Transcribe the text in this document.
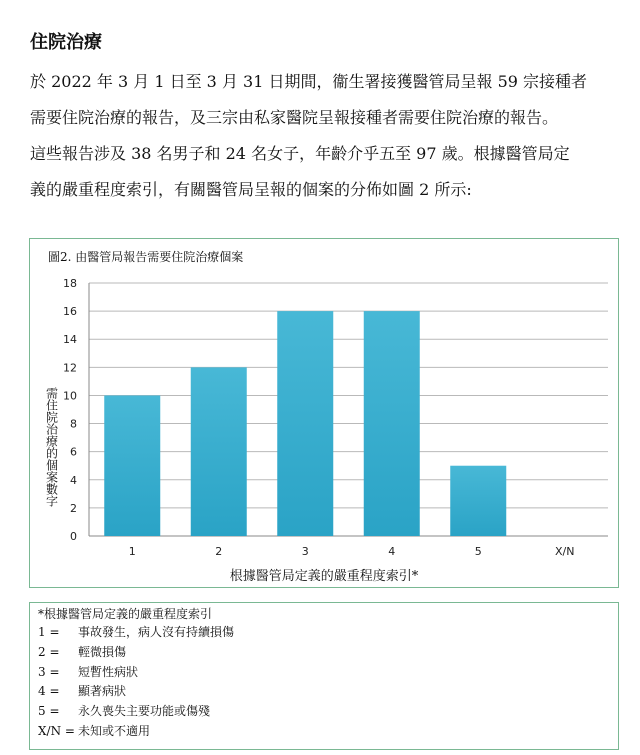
住院治療
於 2022 年 3 月 1 日至 3 月 31 日期間，衞生署接獲醫管局呈報 59 宗接種者
需要住院治療的報告，及三宗由私家醫院呈報接種者需要住院治療的報告。
這些報告涉及 38 名男子和 24 名女子，年齡介乎五至 97 歲。根據醫管局定
義的嚴重程度索引，有關醫管局呈報的個案的分佈如圖 2 所示:
圖2. 由醫管局報告需要住院治療個案
0
2
4
6
8
10
12
14
16
18
1	2	3	4	5	X/N
需住院治療的個案數字
根據醫管局定義的嚴重程度索引*
*根據醫管局定義的嚴重程度索引
1 = 事故發生，病人沒有持續損傷
2 = 輕微損傷
3 = 短暫性病狀
4 = 顯著病狀
5 = 永久喪失主要功能或傷殘
X/N = 未知或不適用
